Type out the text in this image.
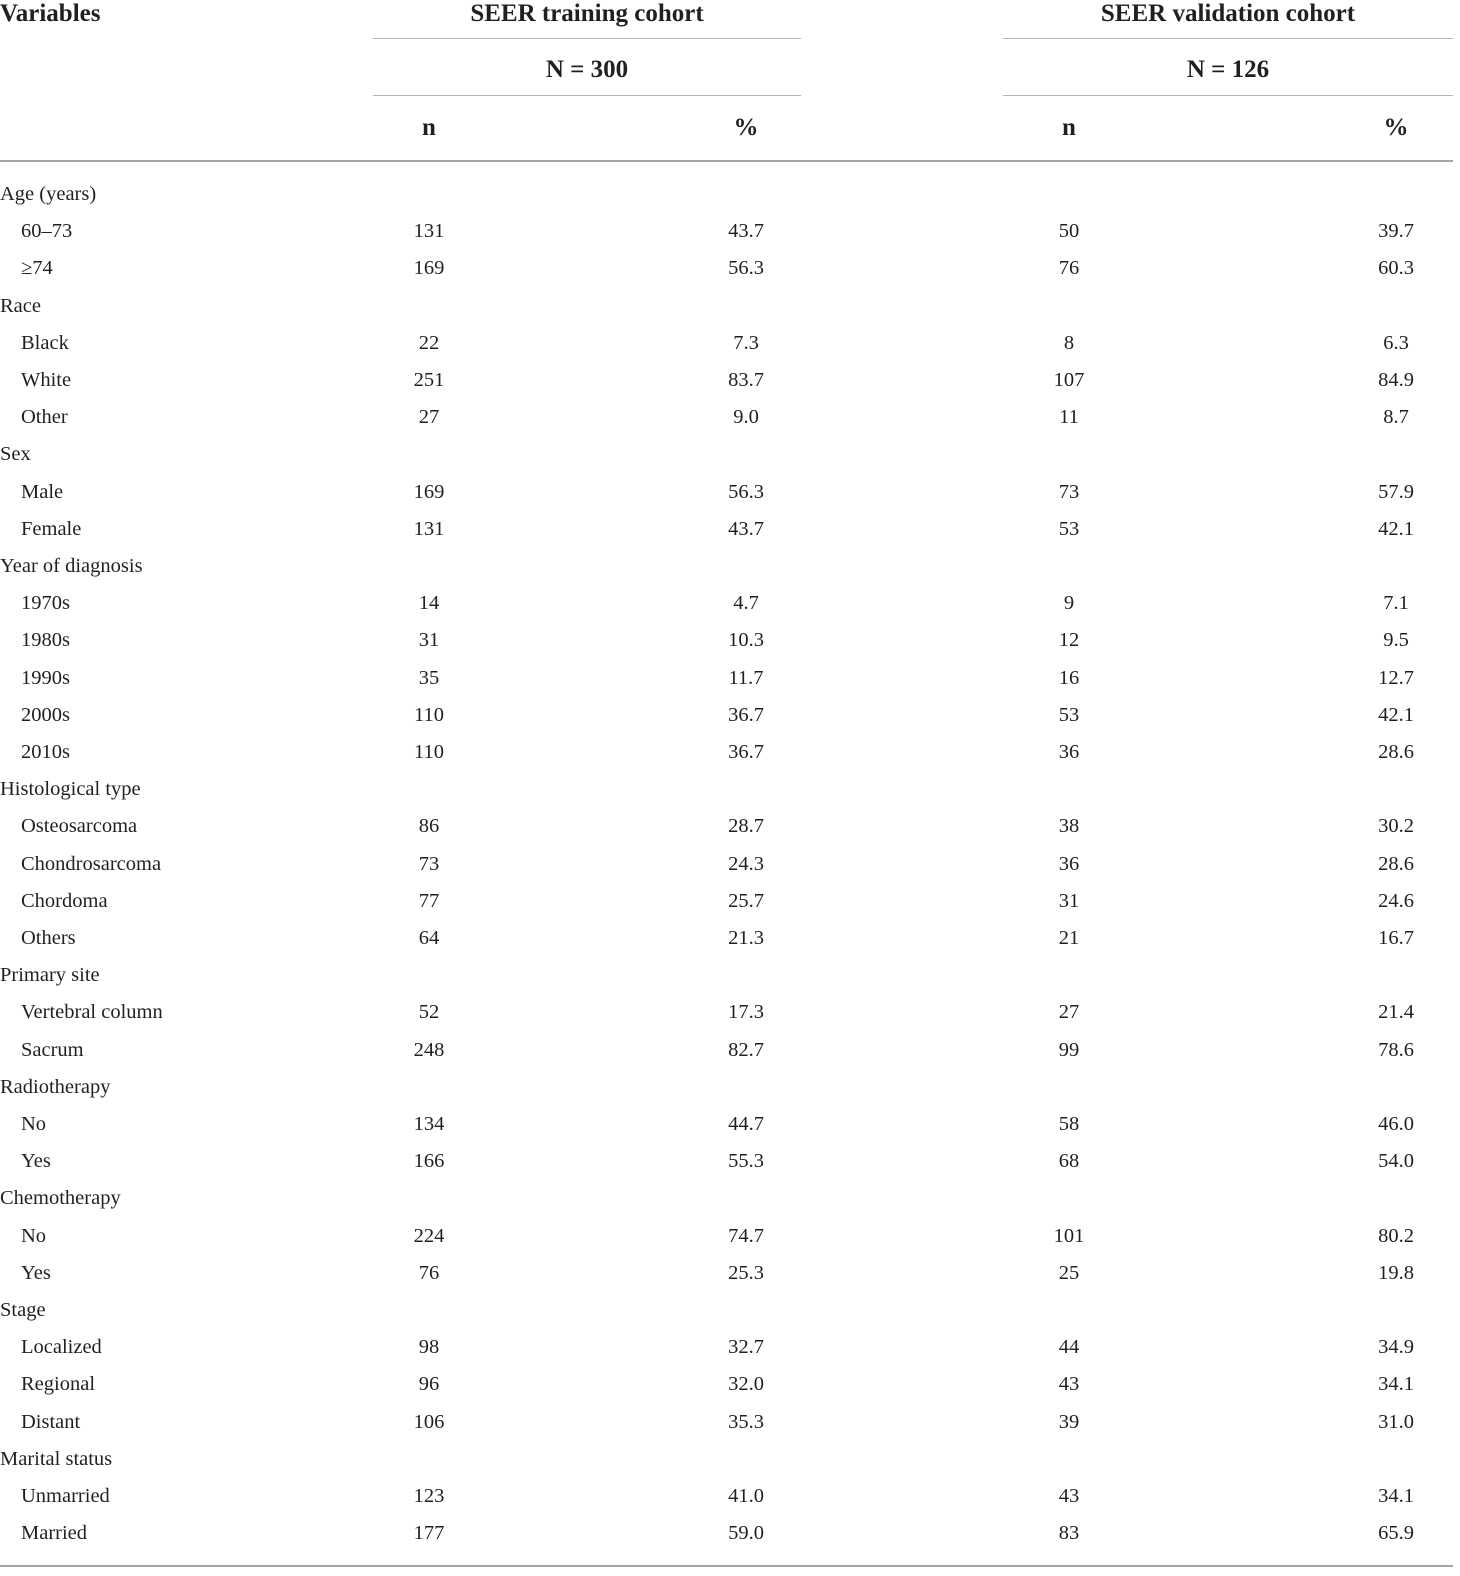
Variables	SEER training cohort	SEER validation cohort
N = 300	N = 126
n	%	n	%
Age (years)
60–73	131	43.7	50	39.7
≥74	169	56.3	76	60.3
Race
Black	22	7.3	8	6.3
White	251	83.7	107	84.9
Other	27	9.0	11	8.7
Sex
Male	169	56.3	73	57.9
Female	131	43.7	53	42.1
Year of diagnosis
1970s	14	4.7	9	7.1
1980s	31	10.3	12	9.5
1990s	35	11.7	16	12.7
2000s	110	36.7	53	42.1
2010s	110	36.7	36	28.6
Histological type
Osteosarcoma	86	28.7	38	30.2
Chondrosarcoma	73	24.3	36	28.6
Chordoma	77	25.7	31	24.6
Others	64	21.3	21	16.7
Primary site
Vertebral column	52	17.3	27	21.4
Sacrum	248	82.7	99	78.6
Radiotherapy
No	134	44.7	58	46.0
Yes	166	55.3	68	54.0
Chemotherapy
No	224	74.7	101	80.2
Yes	76	25.3	25	19.8
Stage
Localized	98	32.7	44	34.9
Regional	96	32.0	43	34.1
Distant	106	35.3	39	31.0
Marital status
Unmarried	123	41.0	43	34.1
Married	177	59.0	83	65.9
